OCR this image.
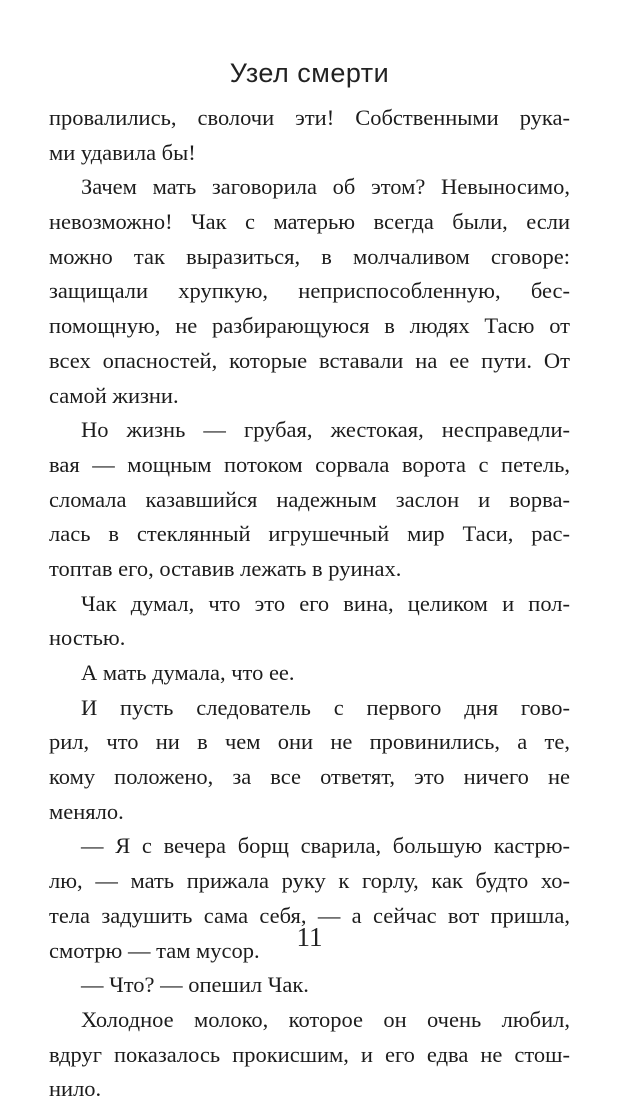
Узел смерти
провалились, сволочи эти! Собственными рука-
ми удавила бы!
Зачем мать заговорила об этом? Невыносимо,
невозможно! Чак с матерью всегда были, если
можно так выразиться, в молчаливом сговоре:
защищали хрупкую, неприспособленную, бес-
помощную, не разбирающуюся в людях Тасю от
всех опасностей, которые вставали на ее пути. От
самой жизни.
Но жизнь — грубая, жестокая, несправедли-
вая — мощным потоком сорвала ворота с петель,
сломала казавшийся надежным заслон и ворва-
лась в стеклянный игрушечный мир Таси, рас-
топтав его, оставив лежать в руинах.
Чак думал, что это его вина, целиком и пол-
ностью.
А мать думала, что ее.
И пусть следователь с первого дня гово-
рил, что ни в чем они не провинились, а те,
кому положено, за все ответят, это ничего не
меняло.
— Я с вечера борщ сварила, большую кастрю-
лю, — мать прижала руку к горлу, как будто хо-
тела задушить сама себя, — а сейчас вот пришла,
смотрю — там мусор.
— Что? — опешил Чак.
Холодное молоко, которое он очень любил,
вдруг показалось прокисшим, и его едва не стош-
нило.
11
